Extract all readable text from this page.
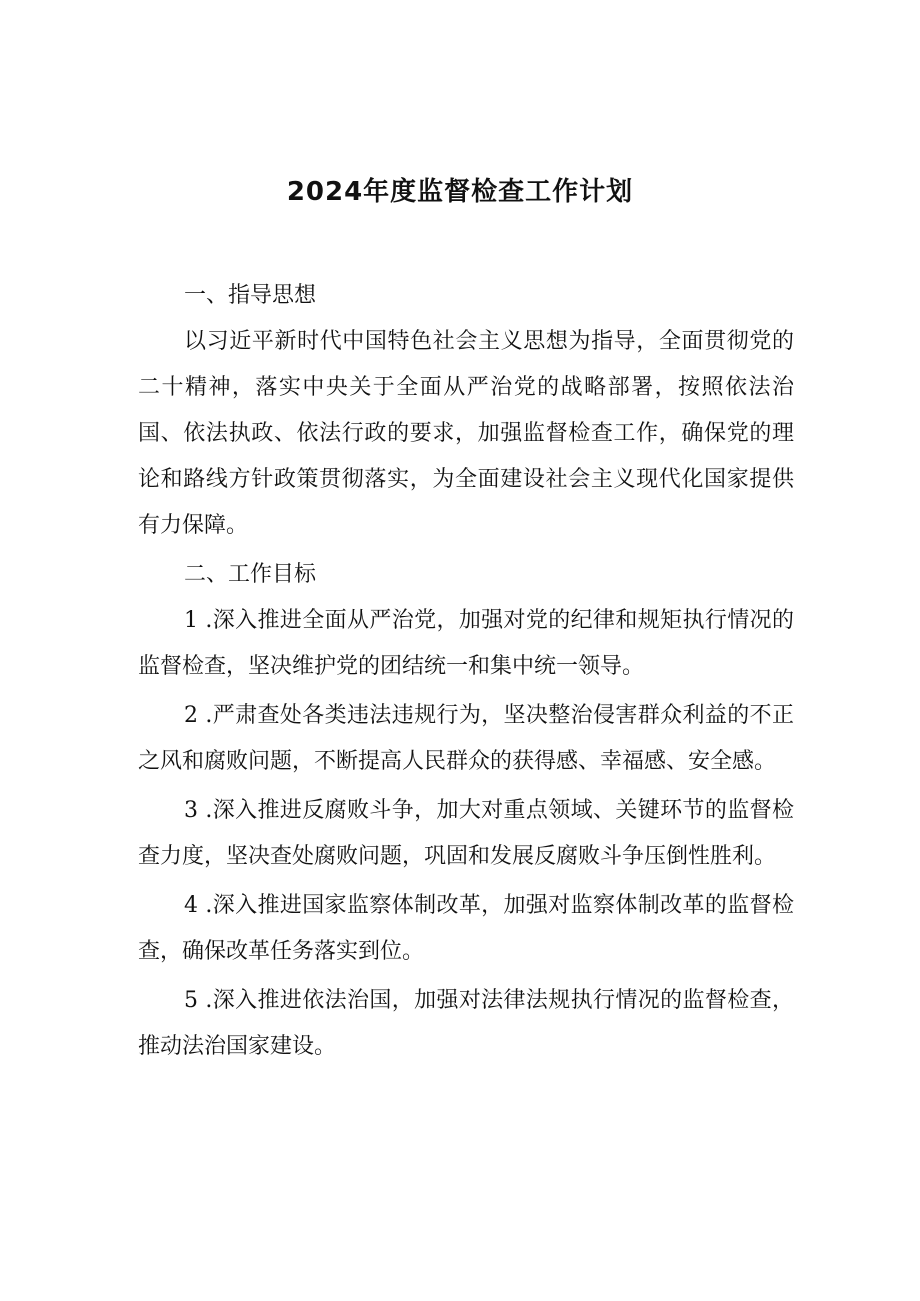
2024年度监督检查工作计划
一、指导思想

以习近平新时代中国特色社会主义思想为指导，全面贯彻党的二十精神，落实中央关于全面从严治党的战略部署，按照依法治国、依法执政、依法行政的要求，加强监督检查工作，确保党的理论和路线方针政策贯彻落实，为全面建设社会主义现代化国家提供有力保障。

二、工作目标

1 .深入推进全面从严治党，加强对党的纪律和规矩执行情况的监督检查，坚决维护党的团结统一和集中统一领导。

2 .严肃查处各类违法违规行为，坚决整治侵害群众利益的不正之风和腐败问题，不断提高人民群众的获得感、幸福感、安全感。

3 .深入推进反腐败斗争，加大对重点领域、关键环节的监督检查力度，坚决查处腐败问题，巩固和发展反腐败斗争压倒性胜利。

4 .深入推进国家监察体制改革，加强对监察体制改革的监督检查，确保改革任务落实到位。

5 .深入推进依法治国，加强对法律法规执行情况的监督检查，推动法治国家建设。
